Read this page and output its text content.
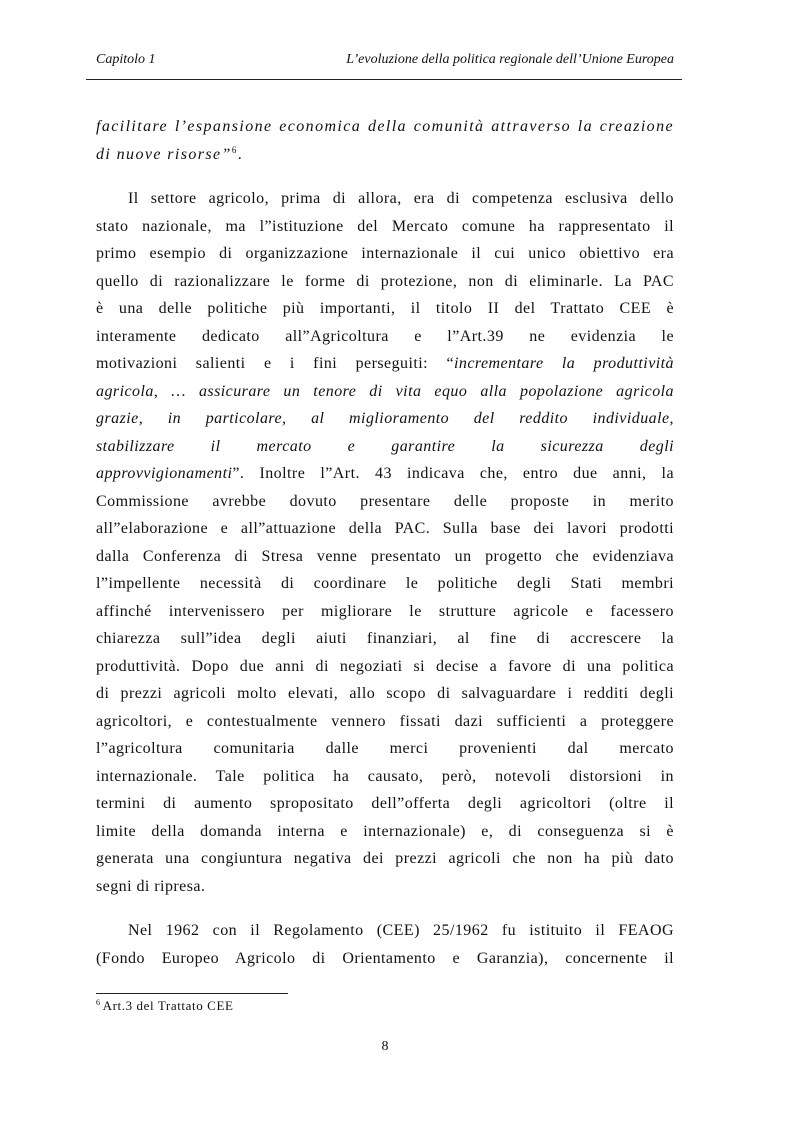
Capitolo 1	L’evoluzione della politica regionale dell’Unione Europea
facilitare l’espansione economica della comunità attraverso la creazione
di nuove risorse”$^6$.
Il settore agricolo, prima di allora, era di competenza esclusiva dello
stato nazionale, ma l”istituzione del Mercato comune ha rappresentato il
primo esempio di organizzazione internazionale il cui unico obiettivo era
quello di razionalizzare le forme di protezione, non di eliminarle. La PAC
è una delle politiche più importanti, il titolo II del Trattato CEE è
interamente dedicato all”Agricoltura e l”Art.39 ne evidenzia le
motivazioni salienti e i fini perseguiti: “incrementare la produttività
agricola, … assicurare un tenore di vita equo alla popolazione agricola
grazie, in particolare, al miglioramento del reddito individuale,
stabilizzare il mercato e garantire la sicurezza degli
approvvigionamenti”. Inoltre l”Art. 43 indicava che, entro due anni, la
Commissione avrebbe dovuto presentare delle proposte in merito
all”elaborazione e all”attuazione della PAC. Sulla base dei lavori prodotti
dalla Conferenza di Stresa venne presentato un progetto che evidenziava
l”impellente necessità di coordinare le politiche degli Stati membri
affinché intervenissero per migliorare le strutture agricole e facessero
chiarezza sull”idea degli aiuti finanziari, al fine di accrescere la
produttività. Dopo due anni di negoziati si decise a favore di una politica
di prezzi agricoli molto elevati, allo scopo di salvaguardare i redditi degli
agricoltori, e contestualmente vennero fissati dazi sufficienti a proteggere
l”agricoltura comunitaria dalle merci provenienti dal mercato
internazionale. Tale politica ha causato, però, notevoli distorsioni in
termini di aumento spropositato dell”offerta degli agricoltori (oltre il
limite della domanda interna e internazionale) e, di conseguenza si è
generata una congiuntura negativa dei prezzi agricoli che non ha più dato
segni di ripresa.
Nel 1962 con il Regolamento (CEE) 25/1962 fu istituito il FEAOG
(Fondo Europeo Agricolo di Orientamento e Garanzia), concernente il
$^6$ Art.3 del Trattato CEE
8
